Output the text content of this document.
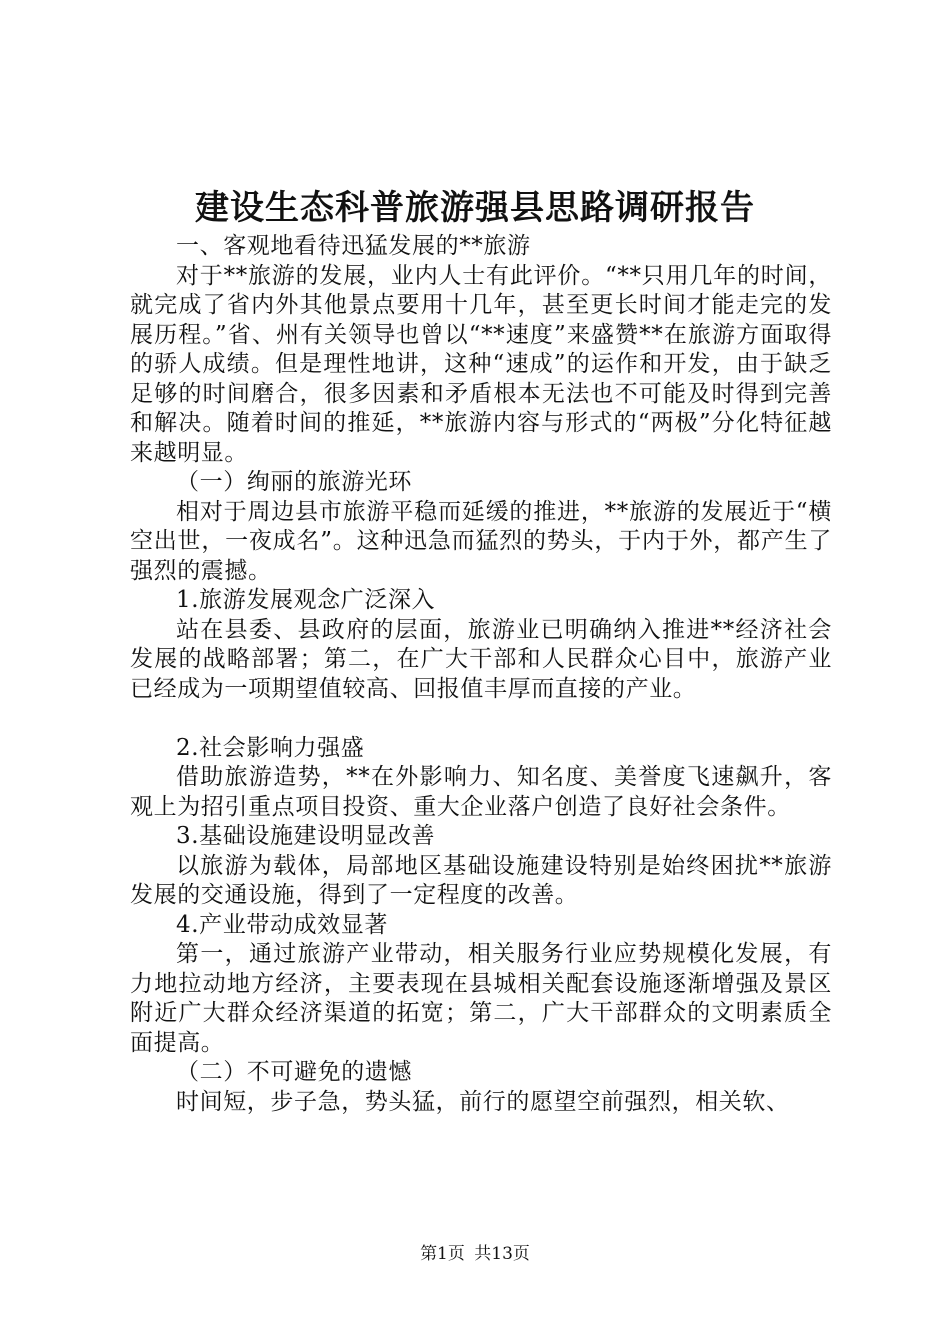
建设生态科普旅游强县思路调研报告

一、客观地看待迅猛发展的**旅游

对于**旅游的发展，业内人士有此评价。“**只用几年的时间，就完成了省内外其他景点要用十几年，甚至更长时间才能走完的发展历程。”省、州有关领导也曾以“**速度”来盛赞**在旅游方面取得的骄人成绩。但是理性地讲，这种“速成”的运作和开发，由于缺乏足够的时间磨合，很多因素和矛盾根本无法也不可能及时得到完善和解决。随着时间的推延，**旅游内容与形式的“两极”分化特征越来越明显。

（一）绚丽的旅游光环

相对于周边县市旅游平稳而延缓的推进，**旅游的发展近于“横空出世，一夜成名”。这种迅急而猛烈的势头，于内于外，都产生了强烈的震撼。

1.旅游发展观念广泛深入

站在县委、县政府的层面，旅游业已明确纳入推进**经济社会发展的战略部署；第二，在广大干部和人民群众心目中，旅游产业已经成为一项期望值较高、回报值丰厚而直接的产业。

2.社会影响力强盛

借助旅游造势，**在外影响力、知名度、美誉度飞速飙升，客观上为招引重点项目投资、重大企业落户创造了良好社会条件。

3.基础设施建设明显改善

以旅游为载体，局部地区基础设施建设特别是始终困扰**旅游发展的交通设施，得到了一定程度的改善。

4.产业带动成效显著

第一，通过旅游产业带动，相关服务行业应势规模化发展，有力地拉动地方经济，主要表现在县城相关配套设施逐渐增强及景区附近广大群众经济渠道的拓宽；第二，广大干部群众的文明素质全面提高。

（二）不可避免的遗憾

时间短，步子急，势头猛，前行的愿望空前强烈，相关软、

第1页 共13页
